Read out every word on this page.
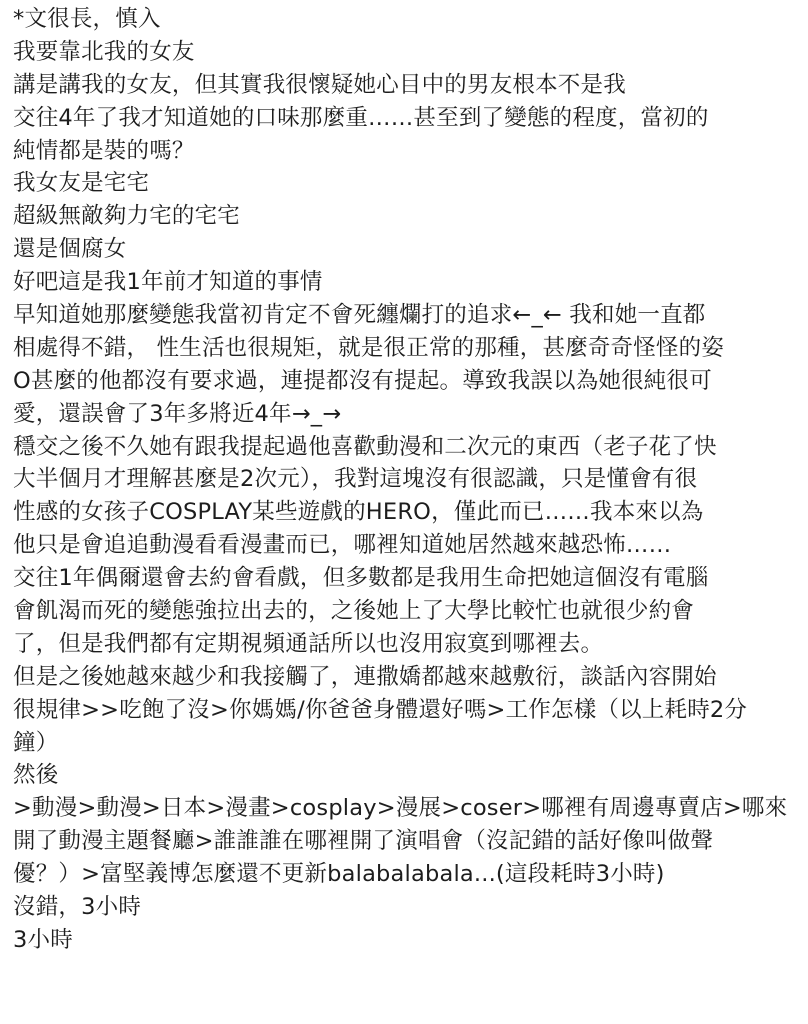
*文很長，慎入
我要靠北我的女友
講是講我的女友，但其實我很懷疑她心目中的男友根本不是我
交往4年了我才知道她的口味那麼重……甚至到了變態的程度，當初的
純情都是裝的嗎？
我女友是宅宅
超級無敵夠力宅的宅宅
還是個腐女
好吧這是我1年前才知道的事情
早知道她那麼變態我當初肯定不會死纏爛打的追求←_← 我和她一直都
相處得不錯， 性生活也很規矩，就是很正常的那種，甚麼奇奇怪怪的姿
O甚麼的他都沒有要求過，連提都沒有提起。導致我誤以為她很純很可
愛，還誤會了3年多將近4年→_→
穩交之後不久她有跟我提起過他喜歡動漫和二次元的東西（老子花了快
大半個月才理解甚麼是2次元），我對這塊沒有很認識，只是懂會有很
性感的女孩子COSPLAY某些遊戲的HERO，僅此而已……我本來以為
他只是會追追動漫看看漫畫而已，哪裡知道她居然越來越恐怖……
交往1年偶爾還會去約會看戲，但多數都是我用生命把她這個沒有電腦
會飢渴而死的變態強拉出去的，之後她上了大學比較忙也就很少約會
了，但是我們都有定期視頻通話所以也沒用寂寞到哪裡去。
但是之後她越來越少和我接觸了，連撒嬌都越來越敷衍，談話內容開始
很規律>>吃飽了沒>你媽媽/你爸爸身體還好嗎>工作怎樣（以上耗時2分
鐘）
然後
>動漫>動漫>日本>漫畫>cosplay>漫展>coser>哪裡有周邊專賣店>哪來
開了動漫主題餐廳>誰誰誰在哪裡開了演唱會（沒記錯的話好像叫做聲
優？）>富堅義博怎麼還不更新balabalabala...(這段耗時3小時)
沒錯，3小時
3小時
